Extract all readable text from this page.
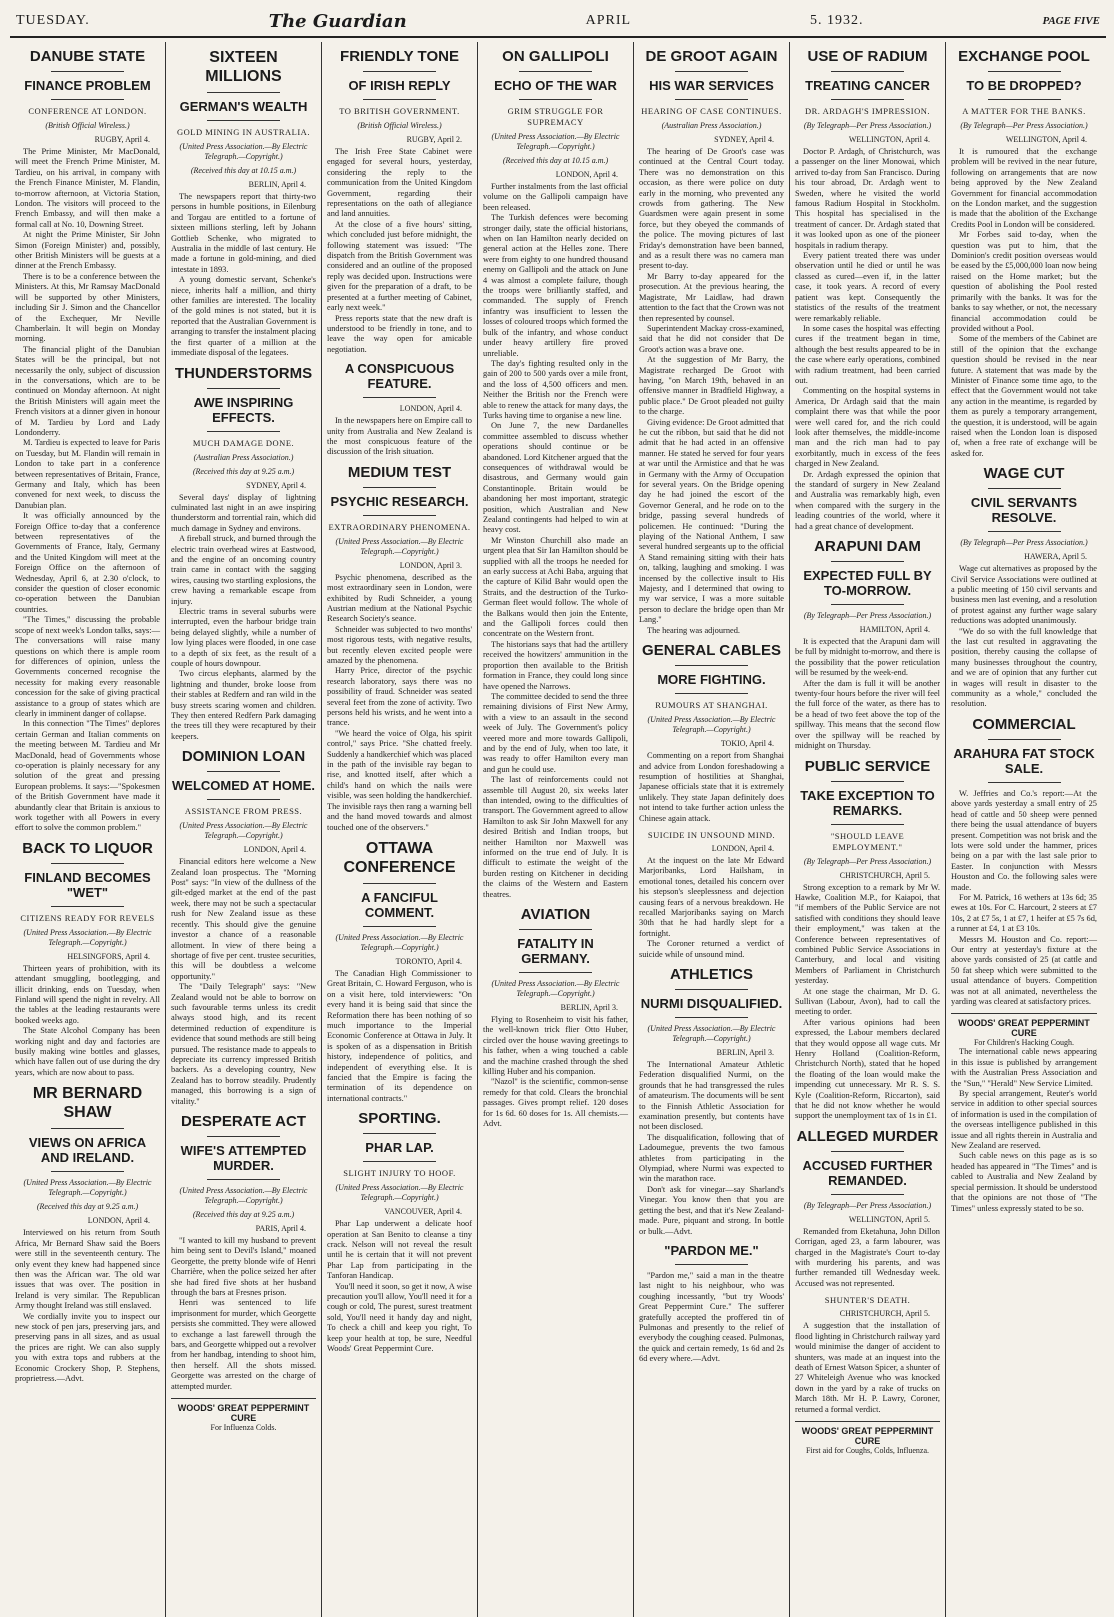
TUESDAY.	The Guardian	APRIL	5. 1932.	PAGE FIVE
DANUBE STATE
FINANCE PROBLEM
CONFERENCE AT LONDON.
(British Official Wireless.)
RUGBY, April 4.

The Prime Minister, Mr MacDonald, will meet the French Prime Minister, M. Tardieu, on his arrival, in company with the French Finance Minister, M. Flandin, to-morrow afternoon, at Victoria Station, London. The visitors will proceed to the French Embassy, and will then make a formal call at No. 10, Downing Street.

At night the Prime Minister, Sir John Simon (Foreign Minister) and, possibly, other British Ministers will be guests at a dinner at the French Embassy.

There is to be a conference between the Ministers. At this, Mr Ramsay MacDonald will be supported by other Ministers, including Sir J. Simon and the Chancellor of the Exchequer, Mr Neville Chamberlain. It will begin on Monday morning.

The financial plight of the Danubian States will be the principal, but not necessarily the only, subject of discussion in the conversations, which are to be continued on Monday afternoon. At night the British Ministers will again meet the French visitors at a dinner given in honour of M. Tardieu by Lord and Lady Londonderry.

M. Tardieu is expected to leave for Paris on Tuesday, but M. Flandin will remain in London to take part in a conference between representatives of Britain, France, Germany and Italy, which has been convened for next week, to discuss the Danubian plan.

It was officially announced by the Foreign Office to-day that a conference between representatives of the Governments of France, Italy, Germany and the United Kingdom will meet at the Foreign Office on the afternoon of Wednesday, April 6, at 2.30 o'clock, to consider the question of closer economic co-operation between the Danubian countries.

"The Times," discussing the probable scope of next week's London talks, says:—The conversations will raise many questions on which there is ample room for differences of opinion, unless the Governments concerned recognise the necessity for making every reasonable concession for the sake of giving practical assistance to a group of states which are clearly in imminent danger of collapse.

In this connection "The Times" deplores certain German and Italian comments on the meeting between M. Tardieu and Mr MacDonald, head of Governments whose co-operation is plainly necessary for any solution of the great and pressing European problems. It says:—"Spokesmen of the British Government have made it abundantly clear that Britain is anxious to work together with all Powers in every effort to solve the common problem."

BACK TO LIQUOR
FINLAND BECOMES "WET"
CITIZENS READY FOR REVELS
(United Press Association.—By Electric Telegraph.—Copyright.)
HELSINGFORS, April 4.

Thirteen years of prohibition, with its attendant smuggling, bootlegging, and illicit drinking, ends on Tuesday, when Finland will spend the night in revelry. All the tables at the leading restaurants were booked weeks ago.

The State Alcohol Company has been working night and day and factories are busily making wine bottles and glasses, which have fallen out of use during the dry years, which are now about to pass.

MR BERNARD SHAW
VIEWS ON AFRICA AND IRELAND.
(United Press Association.—By Electric Telegraph.—Copyright.)
(Received this day at 9.25 a.m.)
LONDON, April 4.

Interviewed on his return from South Africa, Mr Bernard Shaw said the Boers were still in the seventeenth century. The only event they knew had happened since then was the African war. The old war issues that was over. The position in Ireland is very similar. The Republican Army thought Ireland was still enslaved.

We cordially invite you to inspect our new stock of pen jars, preserving jars, and preserving pans in all sizes, and as usual the prices are right. We can also supply you with extra tops and rubbers at the Economic Crockery Shop, P. Stephens, proprietress.—Advt.

SIXTEEN MILLIONS
GERMAN'S WEALTH
GOLD MINING IN AUSTRALIA.
(United Press Association.—By Electric Telegraph.—Copyright.)
(Received this day at 10.15 a.m.)
BERLIN, April 4.

The newspapers report that thirty-two persons in humble positions, in Eilenburg and Torgau are entitled to a fortune of sixteen millions sterling, left by Johann Gottlieb Schenke, who migrated to Australia in the middle of last century. He made a fortune in gold-mining, and died intestate in 1893.

A young domestic servant, Schenke's niece, inherits half a million, and thirty other families are interested. The locality of the gold mines is not stated, but it is reported that the Australian Government is arranging to transfer the instalment placing the first quarter of a million at the immediate disposal of the legatees.

THUNDERSTORMS
AWE INSPIRING EFFECTS.
MUCH DAMAGE DONE.
(Australian Press Association.)
(Received this day at 9.25 a.m.)
SYDNEY, April 4.

Several days' display of lightning culminated last night in an awe inspiring thunderstorm and torrential rain, which did much damage in Sydney and environs.

A fireball struck, and burned through the electric train overhead wires at Eastwood, and the engine of an oncoming country train came in contact with the sagging wires, causing two startling explosions, the crew having a remarkable escape from injury.

Electric trams in several suburbs were interrupted, even the harbour bridge train being delayed slightly, while a number of low lying places were flooded, in one case to a depth of six feet, as the result of a couple of hours downpour.

Two circus elephants, alarmed by the lightning and thunder, broke loose from their stables at Redfern and ran wild in the busy streets scaring women and children. They then entered Redfern Park damaging the trees till they were recaptured by their keepers.

DOMINION LOAN
WELCOMED AT HOME.
ASSISTANCE FROM PRESS.
(United Press Association.—By Electric Telegraph.—Copyright.)
LONDON, April 4.

Financial editors here welcome a New Zealand loan prospectus. The "Morning Post" says: "In view of the dullness of the gilt-edged market at the end of the past week, there may not be such a spectacular rush for New Zealand issue as these recently. This should give the genuine investor a chance of a reasonable allotment. In view of there being a shortage of five per cent. trustee securities, this will be doubtless a welcome opportunity."

The "Daily Telegraph" says: "New Zealand would not be able to borrow on such favourable terms unless its credit always stood high, and its recent determined reduction of expenditure is evidence that sound methods are still being pursued. The resistance made to appeals to depreciate its currency impressed British backers. As a developing country, New Zealand has to borrow steadily. Prudently managed, this borrowing is a sign of vitality."

DESPERATE ACT
WIFE'S ATTEMPTED MURDER.
(United Press Association.—By Electric Telegraph.—Copyright.)
(Received this day at 9.25 a.m.)
PARIS, April 4.

"I wanted to kill my husband to prevent him being sent to Devil's Island," moaned Georgette, the pretty blonde wife of Henri Charrière, when the police seized her after she had fired five shots at her husband through the bars at Fresnes prison.

Henri was sentenced to life imprisonment for murder, which Georgette persists she committed. They were allowed to exchange a last farewell through the bars, and Georgette whipped out a revolver from her handbag, intending to shoot him, then herself. All the shots missed. Georgette was arrested on the charge of attempted murder.

WOODS' GREAT PEPPERMINT CURE
For Influenza Colds.
FRIENDLY TONE
OF IRISH REPLY
TO BRITISH GOVERNMENT.
(British Official Wireless.)
RUGBY, April 2.

The Irish Free State Cabinet were engaged for several hours, yesterday, considering the reply to the communication from the United Kingdom Government, regarding their representations on the oath of allegiance and land annuities.

At the close of a five hours' sitting, which concluded just before midnight, the following statement was issued: "The dispatch from the British Government was considered and an outline of the proposed reply was decided upon. Instructions were given for the preparation of a draft, to be presented at a further meeting of Cabinet, early next week."

Press reports state that the new draft is understood to be friendly in tone, and to leave the way open for amicable negotiation.

A CONSPICUOUS FEATURE.
LONDON, April 4.

In the newspapers here on Empire call to unity from Australia and New Zealand is the most conspicuous feature of the discussion of the Irish situation.

MEDIUM TEST
PSYCHIC RESEARCH.
EXTRAORDINARY PHENOMENA.
(United Press Association.—By Electric Telegraph.—Copyright.)
LONDON, April 3.

Psychic phenomena, described as the most extraordinary seen in London, were exhibited by Rudi Schneider, a young Austrian medium at the National Psychic Research Society's seance.

Schneider was subjected to two months' most rigorous tests, with negative results, but recently eleven excited people were amazed by the phenomena.

Harry Price, director of the psychic research laboratory, says there was no possibility of fraud. Schneider was seated several feet from the zone of activity. Two persons held his wrists, and he went into a trance.

"We heard the voice of Olga, his spirit control," says Price. "She chatted freely. Suddenly a handkerchief which was placed in the path of the invisible ray began to rise, and knotted itself, after which a child's hand on which the nails were visible, was seen holding the handkerchief. The invisible rays then rang a warning bell and the hand moved towards and almost touched one of the observers."

OTTAWA CONFERENCE
A FANCIFUL COMMENT.
(United Press Association.—By Electric Telegraph.—Copyright.)
TORONTO, April 4.

The Canadian High Commissioner to Great Britain, C. Howard Ferguson, who is on a visit here, told interviewers: "On every hand it is being said that since the Reformation there has been nothing of so much importance to the Imperial Economic Conference at Ottawa in July. It is spoken of as a dispensation in British history, independence of politics, and independent of everything else. It is fancied that the Empire is facing the termination of its dependence on international contracts."

SPORTING.
PHAR LAP.
SLIGHT INJURY TO HOOF.
(United Press Association.—By Electric Telegraph.—Copyright.)
VANCOUVER, April 4.

Phar Lap underwent a delicate hoof operation at San Benito to cleanse a tiny crack. Nelson will not reveal the result until he is certain that it will not prevent Phar Lap from participating in the Tanforan Handicap.

You'll need it soon, so get it now, A wise precaution you'll allow, You'll need it for a cough or cold, The purest, surest treatment sold, You'll need it handy day and night, To check a chill and keep you right, To keep your health at top, be sure, Needful Woods' Great Peppermint Cure.

ON GALLIPOLI
ECHO OF THE WAR
GRIM STRUGGLE FOR SUPREMACY
(United Press Association.—By Electric Telegraph.—Copyright.)
(Received this day at 10.15 a.m.)
LONDON, April 4.

Further instalments from the last official volume on the Gallipoli campaign have been released.

The Turkish defences were becoming stronger daily, state the official historians, when on Ian Hamilton nearly decided on general action at the Helles zone. There were from eighty to one hundred thousand enemy on Gallipoli and the attack on June 4 was almost a complete failure, though the troops were brilliantly staffed, and commanded. The supply of French infantry was insufficient to lessen the losses of coloured troops which formed the bulk of the infantry, and whose conduct under heavy artillery fire proved unreliable.

The day's fighting resulted only in the gain of 200 to 500 yards over a mile front, and the loss of 4,500 officers and men. Neither the British nor the French were able to renew the attack for many days, the Turks having time to organise a new line.

On June 7, the new Dardanelles committee assembled to discuss whether operations should continue or be abandoned. Lord Kitchener argued that the consequences of withdrawal would be disastrous, and Germany would gain Constantinople. Britain would be abandoning her most important, strategic position, which Australian and New Zealand contingents had helped to win at heavy cost.

Mr Winston Churchill also made an urgent plea that Sir Ian Hamilton should be supplied with all the troops he needed for an early success at Achi Baba, arguing that the capture of Kilid Bahr would open the Straits, and the destruction of the Turko-German fleet would follow. The whole of the Balkans would then join the Entente, and the Gallipoli forces could then concentrate on the Western front.

The historians says that had the artillery received the howitzers' ammunition in the proportion then available to the British formation in France, they could long since have opened the Narrows.

The committee decided to send the three remaining divisions of First New Army, with a view to an assault in the second week of July. The Government's policy veered more and more towards Gallipoli, and by the end of July, when too late, it was ready to offer Hamilton every man and gun he could use.

The last of reinforcements could not assemble till August 20, six weeks later than intended, owing to the difficulties of transport. The Government agreed to allow Hamilton to ask Sir John Maxwell for any desired British and Indian troops, but neither Hamilton nor Maxwell was informed on the true end of July. It is difficult to estimate the weight of the burden resting on Kitchener in deciding the claims of the Western and Eastern theatres.

AVIATION
FATALITY IN GERMANY.
(United Press Association.—By Electric Telegraph.—Copyright.)
BERLIN, April 3.

Flying to Rosenheim to visit his father, the well-known trick flier Otto Huber, circled over the house waving greetings to his father, when a wing touched a cable and the machine crashed through the shed killing Huber and his companion.

"Nazol" is the scientific, common-sense remedy for that cold. Clears the bronchial passages. Gives prompt relief. 120 doses for 1s 6d. 60 doses for 1s. All chemists.—Advt.

DE GROOT AGAIN
HIS WAR SERVICES
HEARING OF CASE CONTINUES.
(Australian Press Association.)
SYDNEY, April 4.

The hearing of De Groot's case was continued at the Central Court today. There was no demonstration on this occasion, as there were police on duty early in the morning, who prevented any crowds from gathering. The New Guardsmen were again present in some force, but they obeyed the commands of the police. The moving pictures of last Friday's demonstration have been banned, and as a result there was no camera man present to-day.

Mr Barry to-day appeared for the prosecution. At the previous hearing, the Magistrate, Mr Laidlaw, had drawn attention to the fact that the Crown was not then represented by counsel.

Superintendent Mackay cross-examined, said that he did not consider that De Groot's action was a brave one.

At the suggestion of Mr Barry, the Magistrate recharged De Groot with having, "on March 19th, behaved in an offensive manner in Bradfield Highway, a public place." De Groot pleaded not guilty to the charge.

Giving evidence: De Groot admitted that he cut the ribbon, but said that he did not admit that he had acted in an offensive manner. He stated he served for four years at war until the Armistice and that he was in Germany with the Army of Occupation for several years. On the Bridge opening day he had joined the escort of the Governor General, and he rode on to the bridge, passing several hundreds of policemen. He continued: "During the playing of the National Anthem, I saw several hundred sergeants up to the official A Stand remaining sitting with their hats on, talking, laughing and smoking. I was incensed by the collective insult to His Majesty, and I determined that owing to my war service, I was a more suitable person to declare the bridge open than Mr Lang."

The hearing was adjourned.

GENERAL CABLES
MORE FIGHTING.
RUMOURS AT SHANGHAI.
(United Press Association.—By Electric Telegraph.—Copyright.)
TOKIO, April 4.

Commenting on a report from Shanghai and advice from London foreshadowing a resumption of hostilities at Shanghai, Japanese officials state that it is extremely unlikely. They state Japan definitely does not intend to take further action unless the Chinese again attack.

SUICIDE IN UNSOUND MIND.
LONDON, April 4.

At the inquest on the late Mr Edward Marjoribanks, Lord Hailsham, in emotional tones, detailed his concern over his stepson's sleeplessness and dejection causing fears of a nervous breakdown. He recalled Marjoribanks saying on March 30th that he had hardly slept for a fortnight.

The Coroner returned a verdict of suicide while of unsound mind.

ATHLETICS
NURMI DISQUALIFIED.
(United Press Association.—By Electric Telegraph.—Copyright.)
BERLIN, April 3.

The International Amateur Athletic Federation disqualified Nurmi, on the grounds that he had transgressed the rules of amateurism. The documents will be sent to the Finnish Athletic Association for examination presently, but contents have not been disclosed.

The disqualification, following that of Ladoumegue, prevents the two famous athletes from participating in the Olympiad, where Nurmi was expected to win the marathon race.

Don't ask for vinegar—say Sharland's Vinegar. You know then that you are getting the best, and that it's New Zealand-made. Pure, piquant and strong. In bottle or bulk.—Advt.

"PARDON ME."

"Pardon me," said a man in the theatre last night to his neighbour, who was coughing incessantly, "but try Woods' Great Peppermint Cure." The sufferer gratefully accepted the proffered tin of Pulmonas and presently to the relief of everybody the coughing ceased. Pulmonas, the quick and certain remedy, 1s 6d and 2s 6d every where.—Advt.

USE OF RADIUM
TREATING CANCER
DR. ARDAGH'S IMPRESSION.
(By Telegraph—Per Press Association.)
WELLINGTON, April 4.

Doctor P. Ardagh, of Christchurch, was a passenger on the liner Monowai, which arrived to-day from San Francisco. During his tour abroad, Dr. Ardagh went to Sweden, where he visited the world famous Radium Hospital in Stockholm. This hospital has specialised in the treatment of cancer. Dr. Ardagh stated that it was looked upon as one of the pioneer hospitals in radium therapy.

Every patient treated there was under observation until he died or until he was classed as cured—even if, in the latter case, it took years. A record of every patient was kept. Consequently the statistics of the results of the treatment were remarkably reliable.

In some cases the hospital was effecting cures if the treatment began in time, although the best results appeared to be in the case where early operations, combined with radium treatment, had been carried out.

Commenting on the hospital systems in America, Dr Ardagh said that the main complaint there was that while the poor were well cared for, and the rich could look after themselves, the middle-income man and the rich man had to pay exorbitantly, much in excess of the fees charged in New Zealand.

Dr. Ardagh expressed the opinion that the standard of surgery in New Zealand and Australia was remarkably high, even when compared with the surgery in the leading countries of the world, where it had a great chance of development.

ARAPUNI DAM
EXPECTED FULL BY TO-MORROW.
(By Telegraph—Per Press Association.)
HAMILTON, April 4.

It is expected that the Arapuni dam will be full by midnight to-morrow, and there is the possibility that the power reticulation will be resumed by the week-end.

After the dam is full it will be another twenty-four hours before the river will feel the full force of the water, as there has to be a head of two feet above the top of the spillway. This means that the second flow over the spillway will be reached by midnight on Thursday.

PUBLIC SERVICE
TAKE EXCEPTION TO REMARKS.
"SHOULD LEAVE EMPLOYMENT."
(By Telegraph—Per Press Association.)
CHRISTCHURCH, April 5.

Strong exception to a remark by Mr W. Hawke, Coalition M.P., for Kaiapoi, that "if members of the Public Service are not satisfied with conditions they should leave their employment," was taken at the Conference between representatives of combined Public Service Associations in Canterbury, and local and visiting Members of Parliament in Christchurch yesterday.

At one stage the chairman, Mr D. G. Sullivan (Labour, Avon), had to call the meeting to order.

After various opinions had been expressed, the Labour members declared that they would oppose all wage cuts. Mr Henry Holland (Coalition-Reform, Christchurch North), stated that he hoped the floating of the loan would make the impending cut unnecessary. Mr R. S. S. Kyle (Coalition-Reform, Riccarton), said that he did not know whether he would support the unemployment tax of 1s in £1.

ALLEGED MURDER
ACCUSED FURTHER REMANDED.
(By Telegraph—Per Press Association.)
WELLINGTON, April 5.

Remanded from Eketahuna, John Dillon Corrigan, aged 23, a farm labourer, was charged in the Magistrate's Court to-day with murdering his parents, and was further remanded till Wednesday week. Accused was not represented.

SHUNTER'S DEATH.
CHRISTCHURCH, April 5.

A suggestion that the installation of flood lighting in Christchurch railway yard would minimise the danger of accident to shunters, was made at an inquest into the death of Ernest Watson Spicer, a shunter of 27 Whiteleigh Avenue who was knocked down in the yard by a rake of trucks on March 18th. Mr H. P. Lawry, Coroner, returned a formal verdict.

WOODS' GREAT PEPPERMINT CURE
First aid for Coughs, Colds, Influenza.
EXCHANGE POOL
TO BE DROPPED?
A MATTER FOR THE BANKS.
(By Telegraph—Per Press Association.)
WELLINGTON, April 4.

It is rumoured that the exchange problem will be revived in the near future, following on arrangements that are now being approved by the New Zealand Government for financial accommodation on the London market, and the suggestion is made that the abolition of the Exchange Credits Pool in London will be considered.

Mr Forbes said to-day, when the question was put to him, that the Dominion's credit position overseas would be eased by the £5,000,000 loan now being raised on the Home market; but the question of abolishing the Pool rested primarily with the banks. It was for the banks to say whether, or not, the necessary financial accommodation could be provided without a Pool.

Some of the members of the Cabinet are still of the opinion that the exchange question should be revised in the near future. A statement that was made by the Minister of Finance some time ago, to the effect that the Government would not take any action in the meantime, is regarded by them as purely a temporary arrangement, the question, it is understood, will be again raised when the London loan is disposed of, when a free rate of exchange will be asked for.

WAGE CUT
CIVIL SERVANTS RESOLVE.
(By Telegraph—Per Press Association.)
HAWERA, April 5.

Wage cut alternatives as proposed by the Civil Service Associations were outlined at a public meeting of 150 civil servants and business men last evening, and a resolution of protest against any further wage salary reductions was adopted unanimously.

"We do so with the full knowledge that the last cut resulted in aggravating the position, thereby causing the collapse of many businesses throughout the country, and we are of opinion that any further cut in wages will result in disaster to the community as a whole," concluded the resolution.

COMMERCIAL
ARAHURA FAT STOCK SALE.

W. Jeffries and Co.'s report:—At the above yards yesterday a small entry of 25 head of cattle and 50 sheep were penned there being the usual attendance of buyers present. Competition was not brisk and the lots were sold under the hammer, prices being on a par with the last sale prior to Easter. In conjunction with Messrs Houston and Co. the following sales were made.

For M. Patrick, 16 wethers at 13s 6d; 35 ewes at 10s. For C. Harcourt, 2 steers at £7 10s, 2 at £7 5s, 1 at £7, 1 heifer at £5 7s 6d, a runner at £4, 1 at £3 10s.

Messrs M. Houston and Co. report:—Our entry at yesterday's fixture at the above yards consisted of 25 (at cattle and 50 fat sheep which were submitted to the usual attendance of buyers. Competition was not at all animated, nevertheless the yarding was cleared at satisfactory prices.

WOODS' GREAT PEPPERMINT CURE
For Children's Hacking Cough.

The international cable news appearing in this issue is published by arrangement with the Australian Press Association and the "Sun," "Herald" New Service Limited.

By special arrangement, Reuter's world service in addition to other special sources of information is used in the compilation of the overseas intelligence published in this issue and all rights therein in Australia and New Zealand are reserved.

Such cable news on this page as is so headed has appeared in "The Times" and is cabled to Australia and New Zealand by special permission. It should be understood that the opinions are not those of "The Times" unless expressly stated to be so.
